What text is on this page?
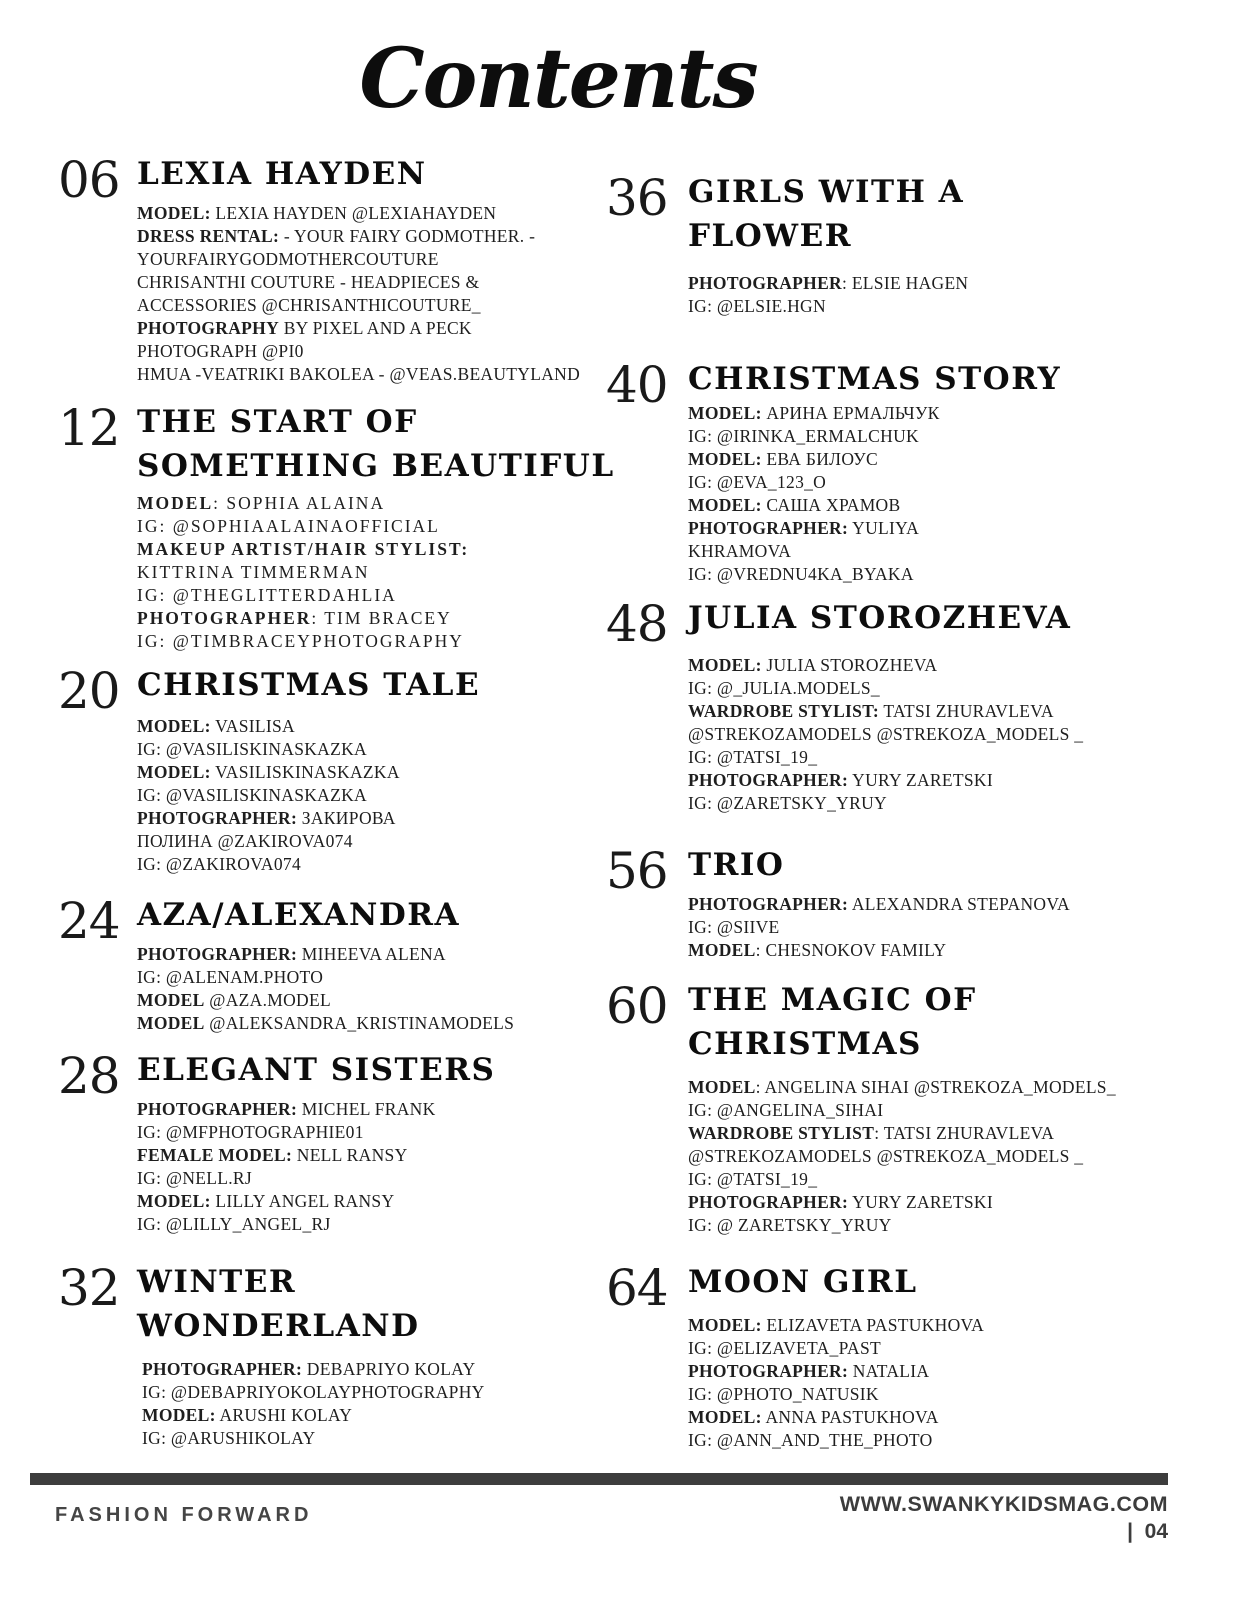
Contents
06 LEXIA HAYDEN
MODEL: LEXIA HAYDEN @LEXIAHAYDEN
DRESS RENTAL: - YOUR FAIRY GODMOTHER. -
YOURFAIRYGODMOTHERCOUTURE
CHRISANTHI COUTURE - HEADPIECES &
ACCESSORIES @CHRISANTHICOUTURE_
PHOTOGRAPHY BY PIXEL AND A PECK
PHOTOGRAPH @PI0
HMUA -VEATRIKI BAKOLEA - @VEAS.BEAUTYLAND
12 THE START OF
SOMETHING BEAUTIFUL
MODEL: SOPHIA ALAINA
IG: @SOPHIAALAINAOFFICIAL
MAKEUP ARTIST/HAIR STYLIST:
KITTRINA TIMMERMAN
IG: @THEGLITTERDAHLIA
PHOTOGRAPHER: TIM BRACEY
IG: @TIMBRACEYPHOTOGRAPHY
20 CHRISTMAS TALE
MODEL: VASILISA
IG: @VASILISKINASKAZKA
MODEL: VASILISKINASKAZKA
IG: @VASILISKINASKAZKA
PHOTOGRAPHER: ЗАКИРОВА
ПОЛИНА @ZAKIROVA074
IG: @ZAKIROVA074
24 AZA/ALEXANDRA
PHOTOGRAPHER: MIHEEVA ALENA
IG: @ALENAM.PHOTO
MODEL @AZA.MODEL
MODEL @ALEKSANDRA_KRISTINAMODELS
28 ELEGANT SISTERS
PHOTOGRAPHER: MICHEL FRANK
IG: @MFPHOTOGRAPHIE01
FEMALE MODEL: NELL RANSY
IG: @NELL.RJ
MODEL: LILLY ANGEL RANSY
IG: @LILLY_ANGEL_RJ
32 WINTER
WONDERLAND
PHOTOGRAPHER: DEBAPRIYO KOLAY
IG: @DEBAPRIYOKOLAYPHOTOGRAPHY
MODEL: ARUSHI KOLAY
IG: @ARUSHIKOLAY
36 GIRLS WITH A
FLOWER
PHOTOGRAPHER: ELSIE HAGEN
IG: @ELSIE.HGN
40 CHRISTMAS STORY
MODEL: АРИНА ЕРМАЛЬЧУК
IG: @IRINKA_ERMALCHUK
MODEL: ЕВА БИЛОУС
IG: @EVA_123_O
MODEL: САША ХРАМОВ
PHOTOGRAPHER: YULIYA
KHRAMOVA
IG: @VREDNU4KA_BYAKA
48 JULIA STOROZHEVA
MODEL: JULIA STOROZHEVA
IG: @_JULIA.MODELS_
WARDROBE STYLIST: TATSI ZHURAVLEVA
@STREKOZAMODELS @STREKOZA_MODELS _
IG: @TATSI_19_
PHOTOGRAPHER: YURY ZARETSKI
IG: @ZARETSKY_YRUY
56 TRIO
PHOTOGRAPHER: ALEXANDRA STEPANOVA
IG: @SIIVE
MODEL: CHESNOKOV FAMILY
60 THE MAGIC OF
CHRISTMAS
MODEL: ANGELINA SIHAI @STREKOZA_MODELS_
IG: @ANGELINA_SIHAI
WARDROBE STYLIST: TATSI ZHURAVLEVA
@STREKOZAMODELS @STREKOZA_MODELS _
IG: @TATSI_19_
PHOTOGRAPHER: YURY ZARETSKI
IG: @ ZARETSKY_YRUY
64 MOON GIRL
MODEL: ELIZAVETA PASTUKHOVA
IG: @ELIZAVETA_PAST
PHOTOGRAPHER: NATALIA
IG: @PHOTO_NATUSIK
MODEL: ANNA PASTUKHOVA
IG: @ANN_AND_THE_PHOTO
FASHION FORWARD	WWW.SWANKYKIDSMAG.COM
|  04
